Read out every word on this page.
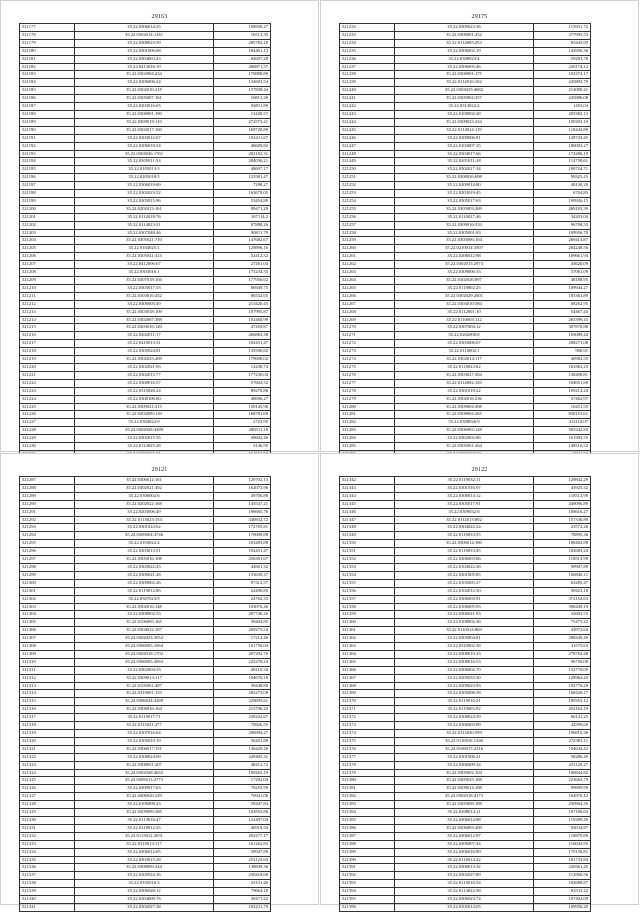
29163
521177	35.22.0306014:25	108930,27
521178	35.22.0302014:1341	16513,35
521179	35.22.0308023:59	285782,18
521180	35.22.0301006:68	184461,13
521181	35.22.0304003:43	84607,28
521182	35.22.0413016:19	260871,57
521183	35.22.0302004:234	170888,89
521184	35.22.0306006:24	134603,54
521185	35.22.0302010:218	157838,44
521186	35.22.0305007:161	16813,39
521187	35.22.0203016:65	94811,89
521188	35.22.0308001:190	13428,57
521189	35.22.0309019:110	272573,21
521190	35.22.0302017:160	169728,89
521191	35.22.0303012:67	102411,67
521192	35.22.0306018:54	46609,82
521193	35.22.0304026:1761	202192,31
521194	35.22.0305011:54	284036,21
521195	35.22.0105013:3	48697,17
521196	35.22.0205018:5	125581,47
521197	35.22.0306019:69	7298,27
521198	35.22.0302023:52	165679,05
521199	35.22.0303015:96	53454,89
521200	35.22.0202013:161	89471,29
521201	35.22.0112018:76	167114,2
521202	35.22.0114023:31	87888,26
521203	35.22.0307048:46	90811,79
521204	35.22.0305021:710	147682,67
521205	35.22.0104025:1	129896,16
521206	35.22.0305041:413	52412,32
521207	35.22.0412006:67	27261,04
521208	35.22.0303016:1	175234,33
521209	35.22.0307018:104	177956,62
521210	35.22.0303017:53	86949,75
521211	35.22.0303016:452	86532,65
521212	35.22.0406005:49	213420,43
521213	35.22.0303018:109	187995,87
521214	35.22.0302007:388	102460,99
521215	35.22.0303016:120	47459,87
521216	35.22.0402011:17	266863,38
521217	35.22.0410013:31	102431,47
521218	35.22.0305024:81	135590,82
521219	35.22.0302023:269	179690,02
521220	35.22.0202021:93	12238,74
521221	35.22.0302015:77	177230,04
521222	35.22.0308016:57	57602,52
521223	35.22.0310026:24	89276,86
521224	35.22.0308106:60	48696,27
521225	35.22.0309021:215	150145,96
521226	35.22.0202009:139	168781,69
521227	35.22.0304023:9	2723,95
521228	35.22.0302028:4389	280511,18
521229	35.22.0302015:35	49602,46
521230	35.22.0114025:28	3146,95

29175
521232	35.22.0309023:36	115931,72
521233	35.22.0309001:252	377995,53
521234	35.22.0114005:253	85443,95
521235	35.22.0306002:19	142956,36
521236	35.22.0308023:4	59281,78
521237	35.22.0306005:46	220174,12
521238	35.22.0308001:175	102374,17
521239	35.22.0114016:162	245803,79
521240	35.22.0303025:4682	213090,41
521241	35.22.0305004:357	245886,08
521242	35.22.0314022:2	1453,04
521243	35.22.0108002:28	205382,13
521244	35.22.0309023:234	100292,19
521245	35.22.0114014:119	118443,89
521246	35.22.0309006:81	128743,45
521247	35.22.0103007:25	180003,27
521248	35.22.0304017:66	174286,19
521249	35.22.0201011:28	114758,61
521250	35.22.0302017:34	100724,71
521251	35.22.0308026:698	99325,43
521252	35.22.0209014:80	40130,20
521253	35.22.0203019:45	6704,83
521254	35.22.0305017:63	190926,15
521255	35.22.0305003:269	269183,39
521256	35.22.0110027:46	34203,04
521257	35.22.0309016:533	96708,53
521258	35.22.0305001:83	109956,70
521259	35.22.0305006:104	269413,87
521260	35.22.0210014:3507	204248,56
521261	35.22.0206012:88	109661,94
521262	35.22.0302015:2973	45620,09
521263	35.22.0309006:53	37061,09
521264	35.22.0302026:897	48188,95
521265	35.22.0119002:25	109944,27
521266	35.22.0302029:2601	185363,89
521267	35.22.0304010:584	68262,95
521268	35.22.0112001:10	54467,44
521269	35.22.0110003:112	265399,43
521270	35.22.0307004:12	307878,88
521271	35.22.0202000:8	105089,44
521272	35.22.0303006:67	208271,06
521273	35.22.0110002:1	906,91
521274	35.22.0302014:117	40982,55
521275	35.22.0118023:62	163363,25
521276	35.22.0303027:304	138408,81
521277	35.22.0114002:120	104651,60
521278	35.22.0301019:22	109214,24
521279	35.22.0302016:236	37462,97
521280	35.22.0309004:498	16251,55
521281	35.22.0308004:265	830153,61
521282	35.22.0308026:9	412118,07
521283	35.22.0306003:128	503342,83
521284	35.22.0302002:86	161983,55
521285	35.22.0305001:264	148516,52

29121
521287	35.22.0306012:161	129702,13
521288	35.22.0302021:402	162073,96
521289	35.22.0306002:6	49706,88
521290	35.22.0202022:168	145547,21
521291	35.22.0203006:49	196665,76
521292	35.22.0113023:154	340832,72
521293	35.22.0301024:62	172705,81
521294	35.22.0309004:4746	170009,88
521295	35.22.0103022:4	103493,88
521296	35.22.0203013:51	192431,47
521297	35.22.0305016:108	256391,67
521298	35.22.0303022:23	42601,32
521299	35.22.0306021:28	153639,37
521300	35.22.0309002:26	97312,57
521301	35.22.0119012:86	22496,85
521302	35.22.0307023:9	24762,33
521303	35.22.0302016:148	103076,46
521304	35.22.0308002:53	297746,26
521305	35.22.0106005:165	39404,85
521306	35.22.0304012:107	209275,54
521307	35.22.0302023:3052	17212,46
521308	35.22.0306003:1064	101756,04
521309	35.22.0302018:1702	207292,76
521310	35.22.0306003:3063	225276,24
521311	35.22.0302004:53	40210,34
521312	35.22.0309013:117	104676,18
521313	35.22.0105001:487	39448,80
521314	35.22.0319001:153	282273,08
521315	35.22.0306024:4289	229695,61
521316	35.22.0308016:164	215796,24
521317	35.22.0119017:71	239242,67
521318	35.22.0113021:277	70826,55
521319	35.22.0307016:64	206994,27
521320	35.22.0305010:19	56201,80
521321	35.22.0306017:151	136429,26
521322	35.22.0308024:69	249405,31
521323	35.22.0308051:207	48412,72
521324	35.22.0302028:4652	109265,19
521325	35.22.0305013:2773	17292,04
521326	35.22.0309017:63	76255,99
521327	35.22.0406020:229	76941,06
521328	35.22.0106008:23	58447,84
521329	35.22.0209009:285	102852,86
521330	35.22.0113016:47	122497,04
521331	35.22.0218012:25	46918,54
521332	35.22.0113012:2031	202277,17
521333	35.22.0310013:117	161262,83
521334	35.22.0306012:65	39947,89
521335	35.22.0303015:28	253123,63
521336	35.22.0308009:244	138849,36
521337	35.22.0205024:16	230418,68
521338	35.22.0105016:3	23131,46
521339	35.22.0306028:12	79664,18
521340	35.22.0204009:76	39471,22
521341	35.22.0302027:28	103231,79
29122
521342	35.22.0119032:11	129842,29
521343	35.22.0301016:97	45925,32
521344	35.22.0306014:12	118513,99
521345	35.22.0305017:91	449096,89
521346	35.22.0309032:8	108616,27
521347	35.22.0112013:802	157336,89
521348	35.22.0304022:24	23572,26
521349	35.22.0110033:55	78895,36
521350	35.22.0306014:180	188402,88
521351	35.22.0110033:45	182683,24
521352	35.22.0206003:86	118513,99
521353	35.22.0104022:28	90907,89
521354	35.22.0201005:85	168846,11
521355	35.22.0105005:27	63285,47
521356	35.22.0102012:50	39423,18
521357	35.22.0306003:91	372154,63
521358	35.22.0106005:93	398449,19
521359	35.22.0306021:93	32603,53
521360	35.22.0108002:36	75475,22
521361	35.22.0110014:869	43973,64
521362	35.22.0305004:81	288449,49
521363	35.22.0310002:38	31575,63
521364	35.22.0308019:23	278764,48
521365	35.22.0308016:53	96750,00
521366	35.22.0306002:70	132770,09
521367	35.22.0205033:30	128962,43
521368	35.22.0209023:93	192776,29
521369	35.22.0305008:58	168428,17
521370	35.22.0119016:21	189353,12
521371	35.22.0119005:92	452163,19
521372	35.22.0308024:39	60141,25
521373	35.22.0306003:89	44599,60
521374	35.22.0113020:599	196810,36
521375	35.22.0110016:1346	272381,11
521376	35.22.0106015:2316	104644,42
521377	35.22.0301006:21	58286,49
521378	35.22.0206009:34	251129,27
521379	35.22.0305002:104	106844,82
521380	35.22.0305025:108	223663,79
521381	35.22.0209014:108	99699,99
521382	35.22.0302018:4173	164976,12
521383	35.22.0305008:188	250964,39
521384	35.22.0308014:11	107186,63
521385	35.22.0306014:88	110389,49
521386	35.22.0206003:209	93034,87
521387	35.22.0306012:87	118879,89
521388	35.22.0306007:44	116043,95
521389	35.22.0306016:89	170156,81
521390	35.22.0116014:22	181733,84
521391	35.22.0308013:32	220561,45
521392	35.22.0302027:89	112960,56
521393	35.22.0110016:34	102688,87
521394	35.22.0114022:38	82533,22
521395	35.22.0306023:74	107402,09
521396	35.22.0105014:65	109956,20
